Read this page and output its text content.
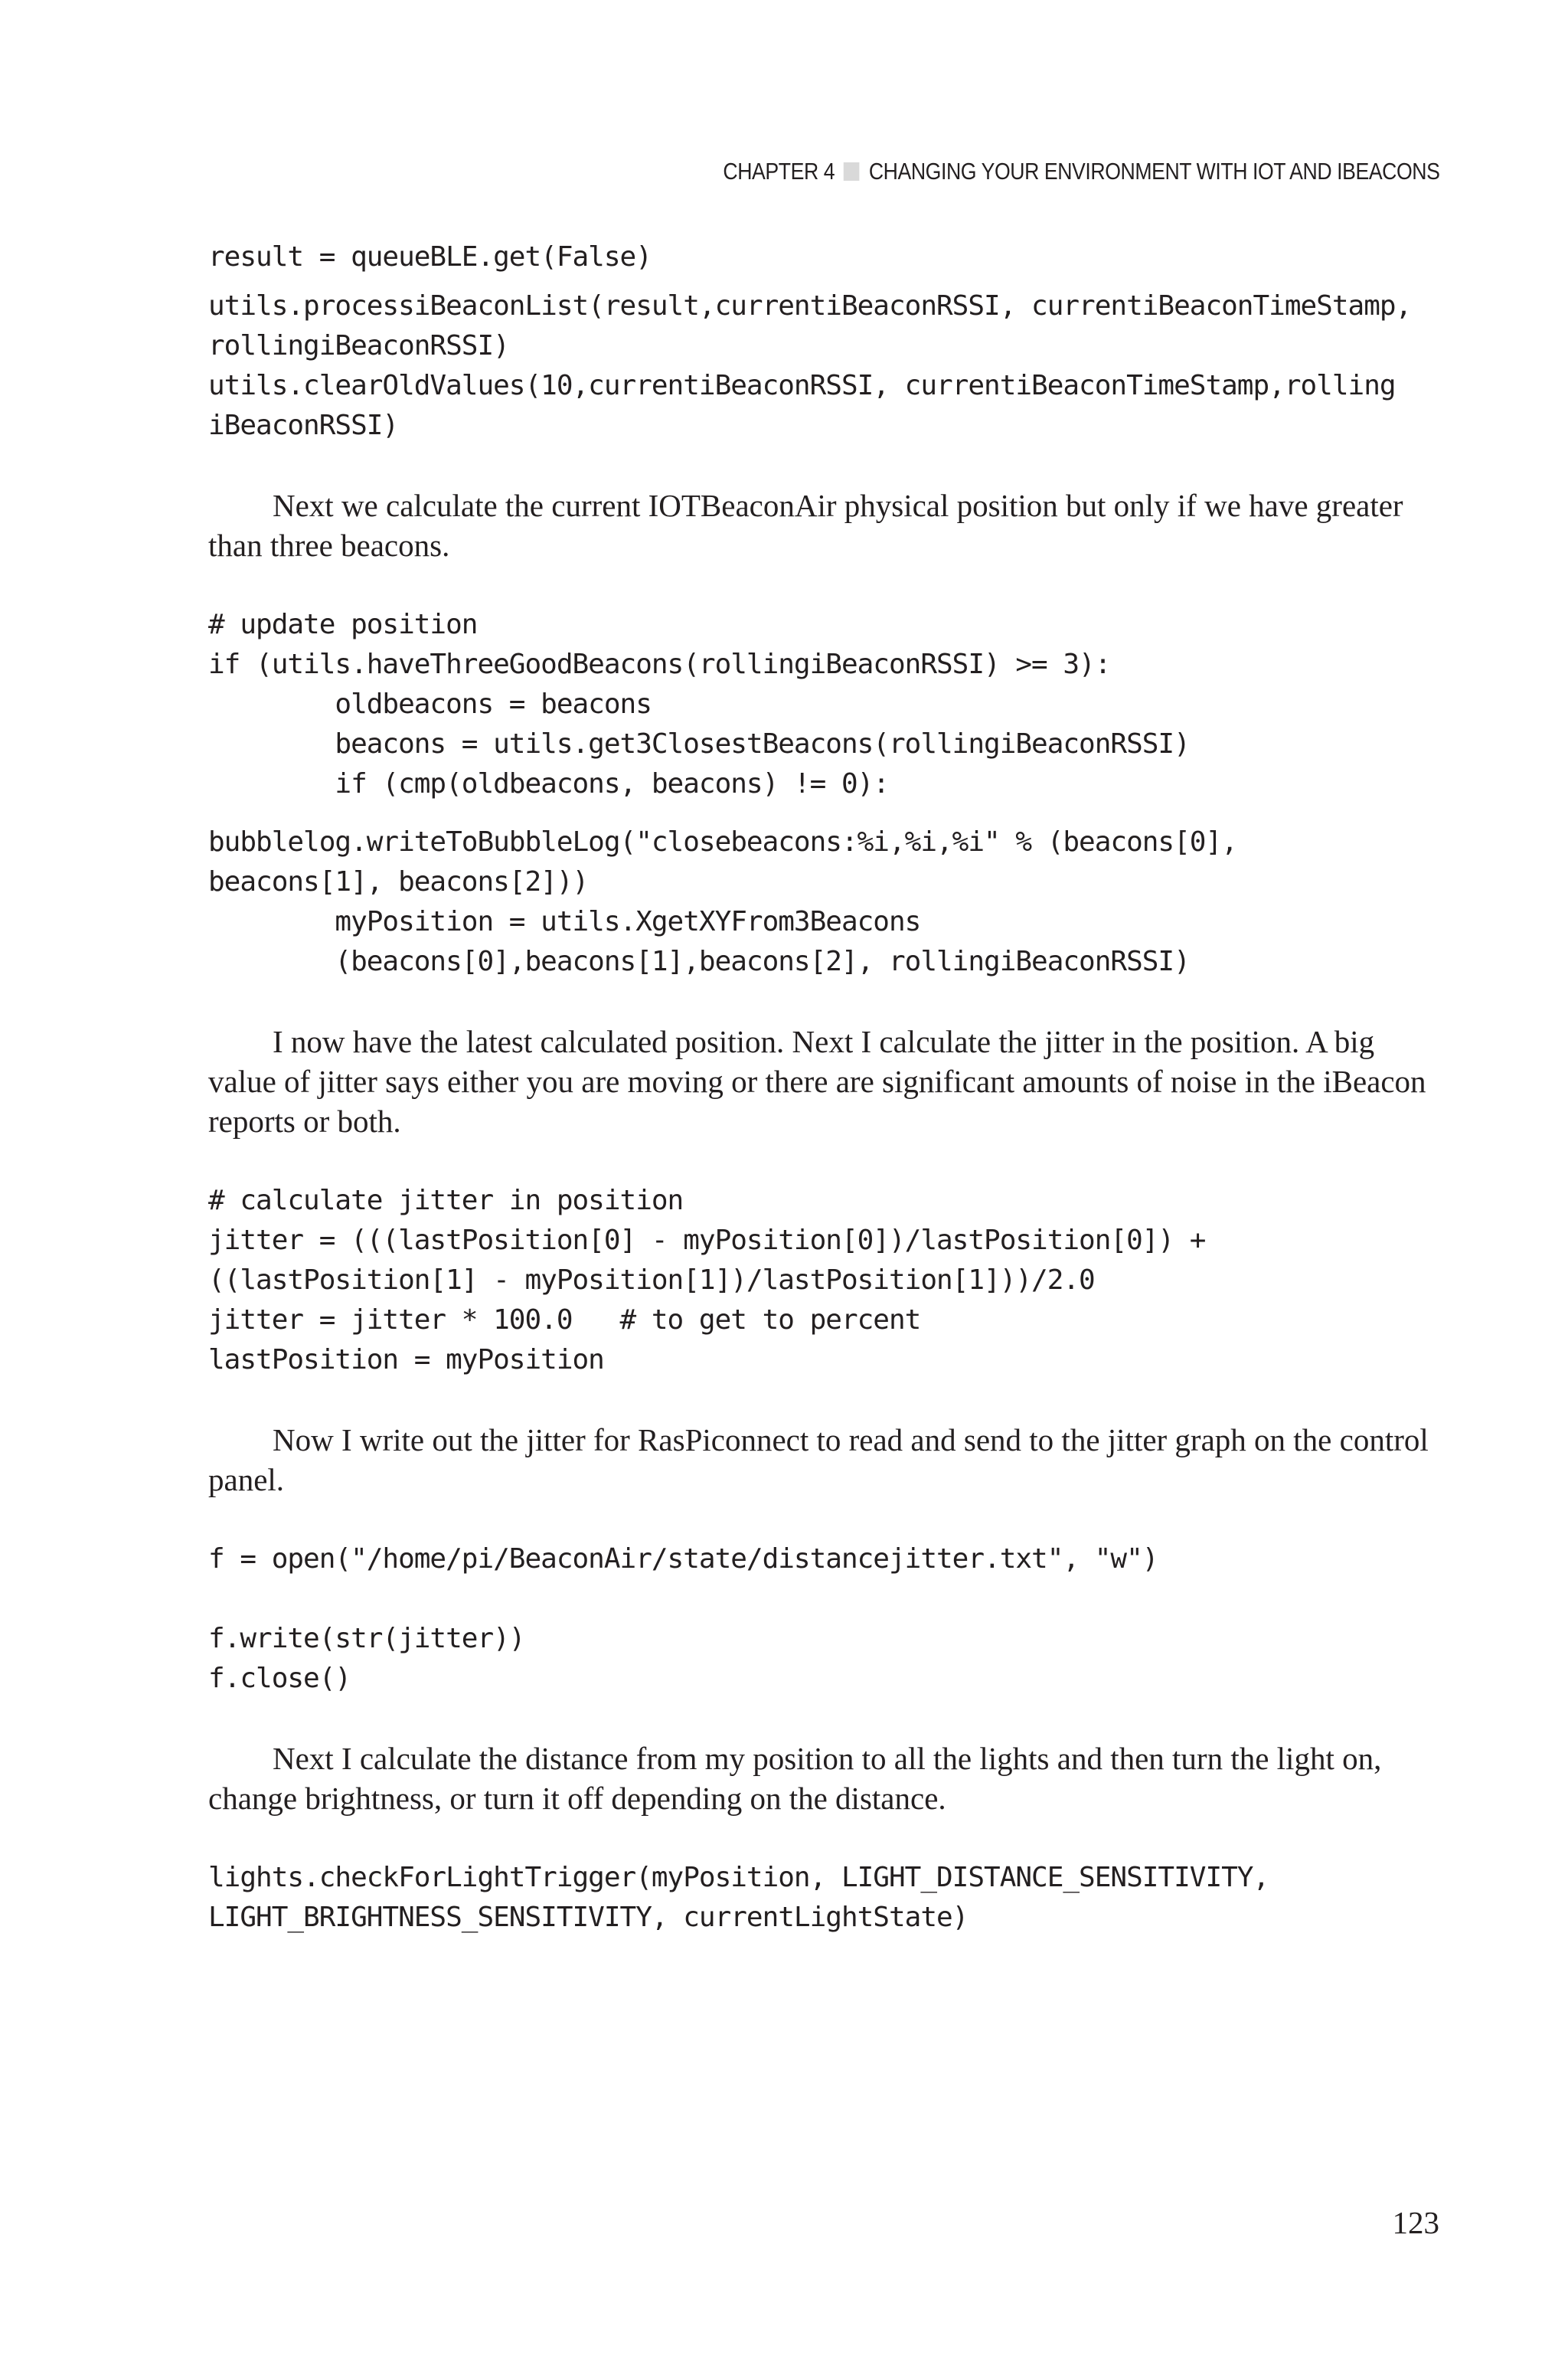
CHAPTER 4 CHANGING YOUR ENVIRONMENT WITH IOT AND IBEACONS
result = queueBLE.get(False)
utils.processiBeaconList(result,currentiBeaconRSSI, currentiBeaconTimeStamp,
rollingiBeaconRSSI)
utils.clearOldValues(10,currentiBeaconRSSI, currentiBeaconTimeStamp,rolling
iBeaconRSSI)

Next we calculate the current IOTBeaconAir physical position but only if we have greater than three beacons.

# update position
if (utils.haveThreeGoodBeacons(rollingiBeaconRSSI) >= 3):
oldbeacons = beacons
beacons = utils.get3ClosestBeacons(rollingiBeaconRSSI)
if (cmp(oldbeacons, beacons) != 0):
bubblelog.writeToBubbleLog("closebeacons:%i,%i,%i" % (beacons[0],
beacons[1], beacons[2]))
myPosition = utils.XgetXYFrom3Beacons
(beacons[0],beacons[1],beacons[2], rollingiBeaconRSSI)

I now have the latest calculated position. Next I calculate the jitter in the position. A big value of jitter says either you are moving or there are significant amounts of noise in the iBeacon reports or both.

# calculate jitter in position
jitter = (((lastPosition[0] - myPosition[0])/lastPosition[0]) +
((lastPosition[1] - myPosition[1])/lastPosition[1]))/2.0
jitter = jitter * 100.0   # to get to percent
lastPosition = myPosition

Now I write out the jitter for RasPiconnect to read and send to the jitter graph on the control panel.

f = open("/home/pi/BeaconAir/state/distancejitter.txt", "w")
f.write(str(jitter))
f.close()

Next I calculate the distance from my position to all the lights and then turn the light on, change brightness, or turn it off depending on the distance.

lights.checkForLightTrigger(myPosition, LIGHT_DISTANCE_SENSITIVITY,
LIGHT_BRIGHTNESS_SENSITIVITY, currentLightState)
123
